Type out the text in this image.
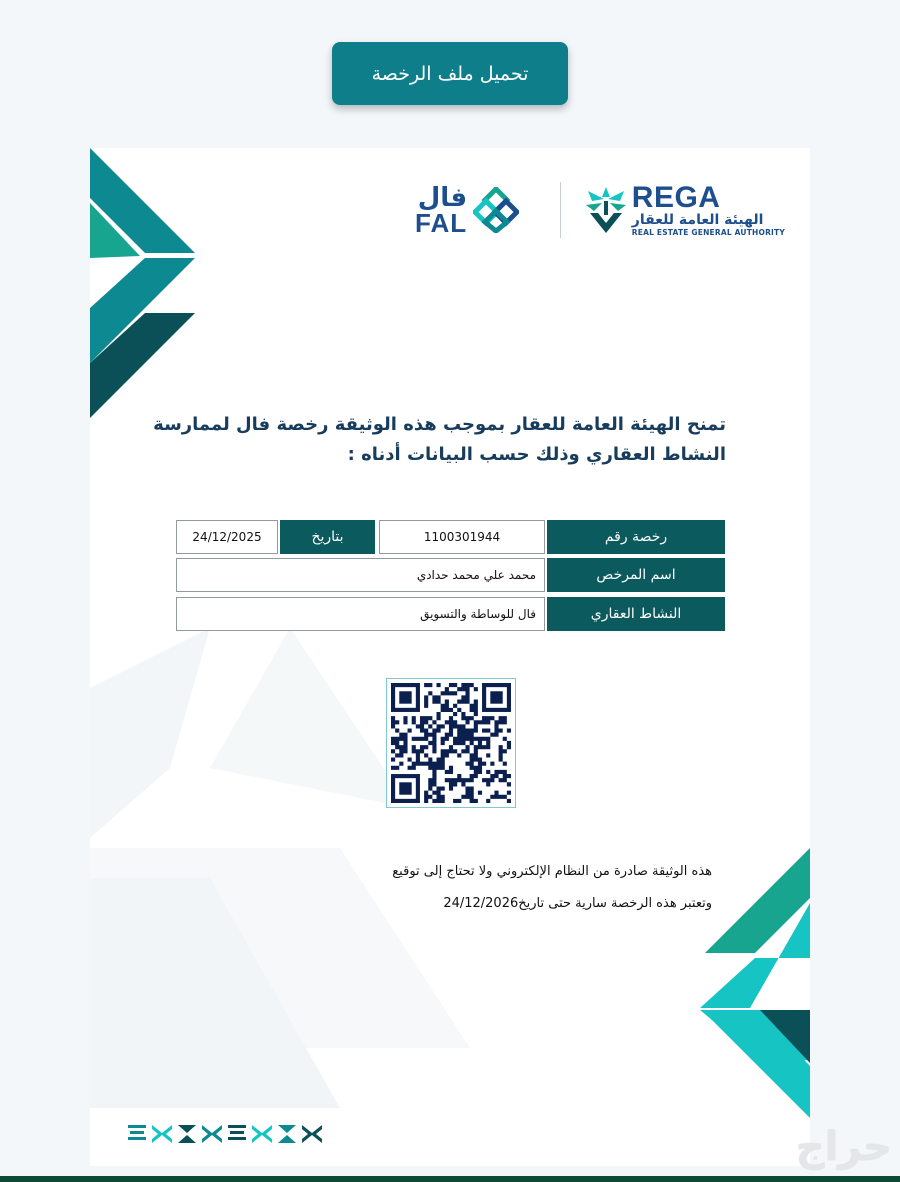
تحميل ملف الرخصة
REGA
الهيئة العامة للعقار
REAL ESTATE GENERAL AUTHORITY
فال
FAL
تمنح الهيئة العامة للعقار بموجب هذه الوثيقة رخصة فال لممارسة
النشاط العقاري وذلك حسب البيانات أدناه :
رخصة رقم
1100301944
بتاريخ
24/12/2025
اسم المرخص
محمد علي محمد حدادي
النشاط العقاري
فال للوساطة والتسويق
هذه الوثيقة صادرة من النظام الإلكتروني ولا تحتاج إلى توقيع
وتعتبر هذه الرخصة سارية حتى تاريخ24/12/2026
حراج
